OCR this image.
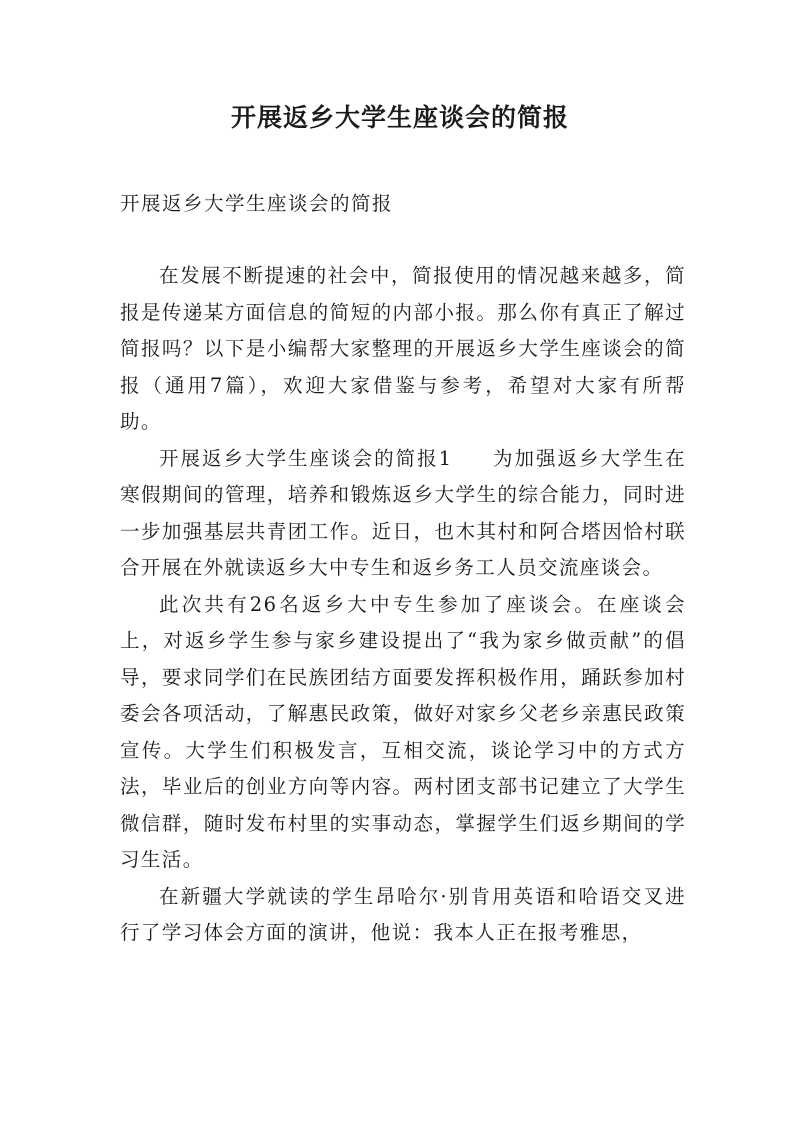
开展返乡大学生座谈会的简报
开展返乡大学生座谈会的简报

在发展不断提速的社会中，简报使用的情况越来越多，简报是传递某方面信息的简短的内部小报。那么你有真正了解过简报吗？以下是小编帮大家整理的开展返乡大学生座谈会的简报（通用7篇），欢迎大家借鉴与参考，希望对大家有所帮助。

开展返乡大学生座谈会的简报1 为加强返乡大学生在寒假期间的管理，培养和锻炼返乡大学生的综合能力，同时进一步加强基层共青团工作。近日，也木其村和阿合塔因恰村联合开展在外就读返乡大中专生和返乡务工人员交流座谈会。

此次共有26名返乡大中专生参加了座谈会。在座谈会上，对返乡学生参与家乡建设提出了“我为家乡做贡献”的倡导，要求同学们在民族团结方面要发挥积极作用，踊跃参加村委会各项活动，了解惠民政策，做好对家乡父老乡亲惠民政策宣传。大学生们积极发言，互相交流，谈论学习中的方式方法，毕业后的创业方向等内容。两村团支部书记建立了大学生微信群，随时发布村里的实事动态，掌握学生们返乡期间的学习生活。

在新疆大学就读的学生昂哈尔·别肯用英语和哈语交叉进行了学习体会方面的演讲，他说：我本人正在报考雅思，
